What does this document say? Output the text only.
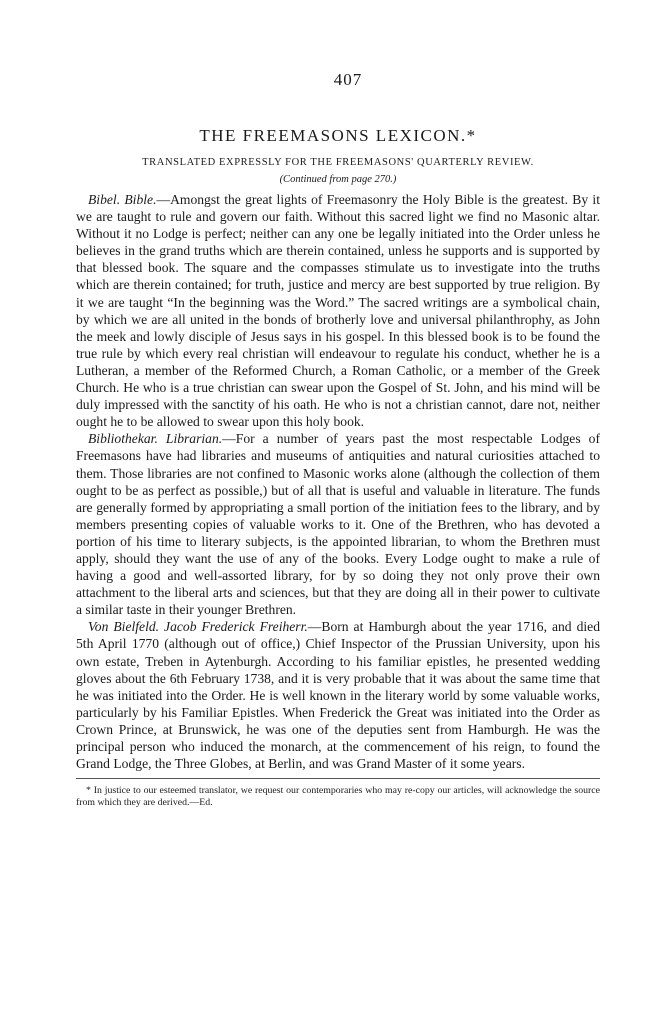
407
THE FREEMASONS LEXICON.*
TRANSLATED EXPRESSLY FOR THE FREEMASONS' QUARTERLY REVIEW.
(Continued from page 270.)

Bibel. Bible.—Amongst the great lights of Freemasonry the Holy Bible is the greatest. By it we are taught to rule and govern our faith. Without this sacred light we find no Masonic altar. Without it no Lodge is perfect; neither can any one be legally initiated into the Order unless he believes in the grand truths which are therein contained, unless he supports and is supported by that blessed book. The square and the compasses stimulate us to investigate into the truths which are therein contained; for truth, justice and mercy are best supported by true religion. By it we are taught “In the beginning was the Word.” The sacred writings are a symbolical chain, by which we are all united in the bonds of brotherly love and universal philanthrophy, as John the meek and lowly disciple of Jesus says in his gospel. In this blessed book is to be found the true rule by which every real christian will endeavour to regulate his conduct, whether he is a Lutheran, a member of the Reformed Church, a Roman Catholic, or a member of the Greek Church. He who is a true christian can swear upon the Gospel of St. John, and his mind will be duly impressed with the sanctity of his oath. He who is not a christian cannot, dare not, neither ought he to be allowed to swear upon this holy book.

Bibliothekar. Librarian.—For a number of years past the most respectable Lodges of Freemasons have had libraries and museums of antiquities and natural curiosities attached to them. Those libraries are not confined to Masonic works alone (although the collection of them ought to be as perfect as possible,) but of all that is useful and valuable in literature. The funds are generally formed by appropriating a small portion of the initiation fees to the library, and by members presenting copies of valuable works to it. One of the Brethren, who has devoted a portion of his time to literary subjects, is the appointed librarian, to whom the Brethren must apply, should they want the use of any of the books. Every Lodge ought to make a rule of having a good and well-assorted library, for by so doing they not only prove their own attachment to the liberal arts and sciences, but that they are doing all in their power to cultivate a similar taste in their younger Brethren.

Von Bielfeld. Jacob Frederick Freiherr.—Born at Hamburgh about the year 1716, and died 5th April 1770 (although out of office,) Chief Inspector of the Prussian University, upon his own estate, Treben in Aytenburgh. According to his familiar epistles, he presented wedding gloves about the 6th February 1738, and it is very probable that it was about the same time that he was initiated into the Order. He is well known in the literary world by some valuable works, particularly by his Familiar Epistles. When Frederick the Great was initiated into the Order as Crown Prince, at Brunswick, he was one of the deputies sent from Hamburgh. He was the principal person who induced the monarch, at the commencement of his reign, to found the Grand Lodge, the Three Globes, at Berlin, and was Grand Master of it some years.

* In justice to our esteemed translator, we request our contemporaries who may re-copy our articles, will acknowledge the source from which they are derived.—Ed.
